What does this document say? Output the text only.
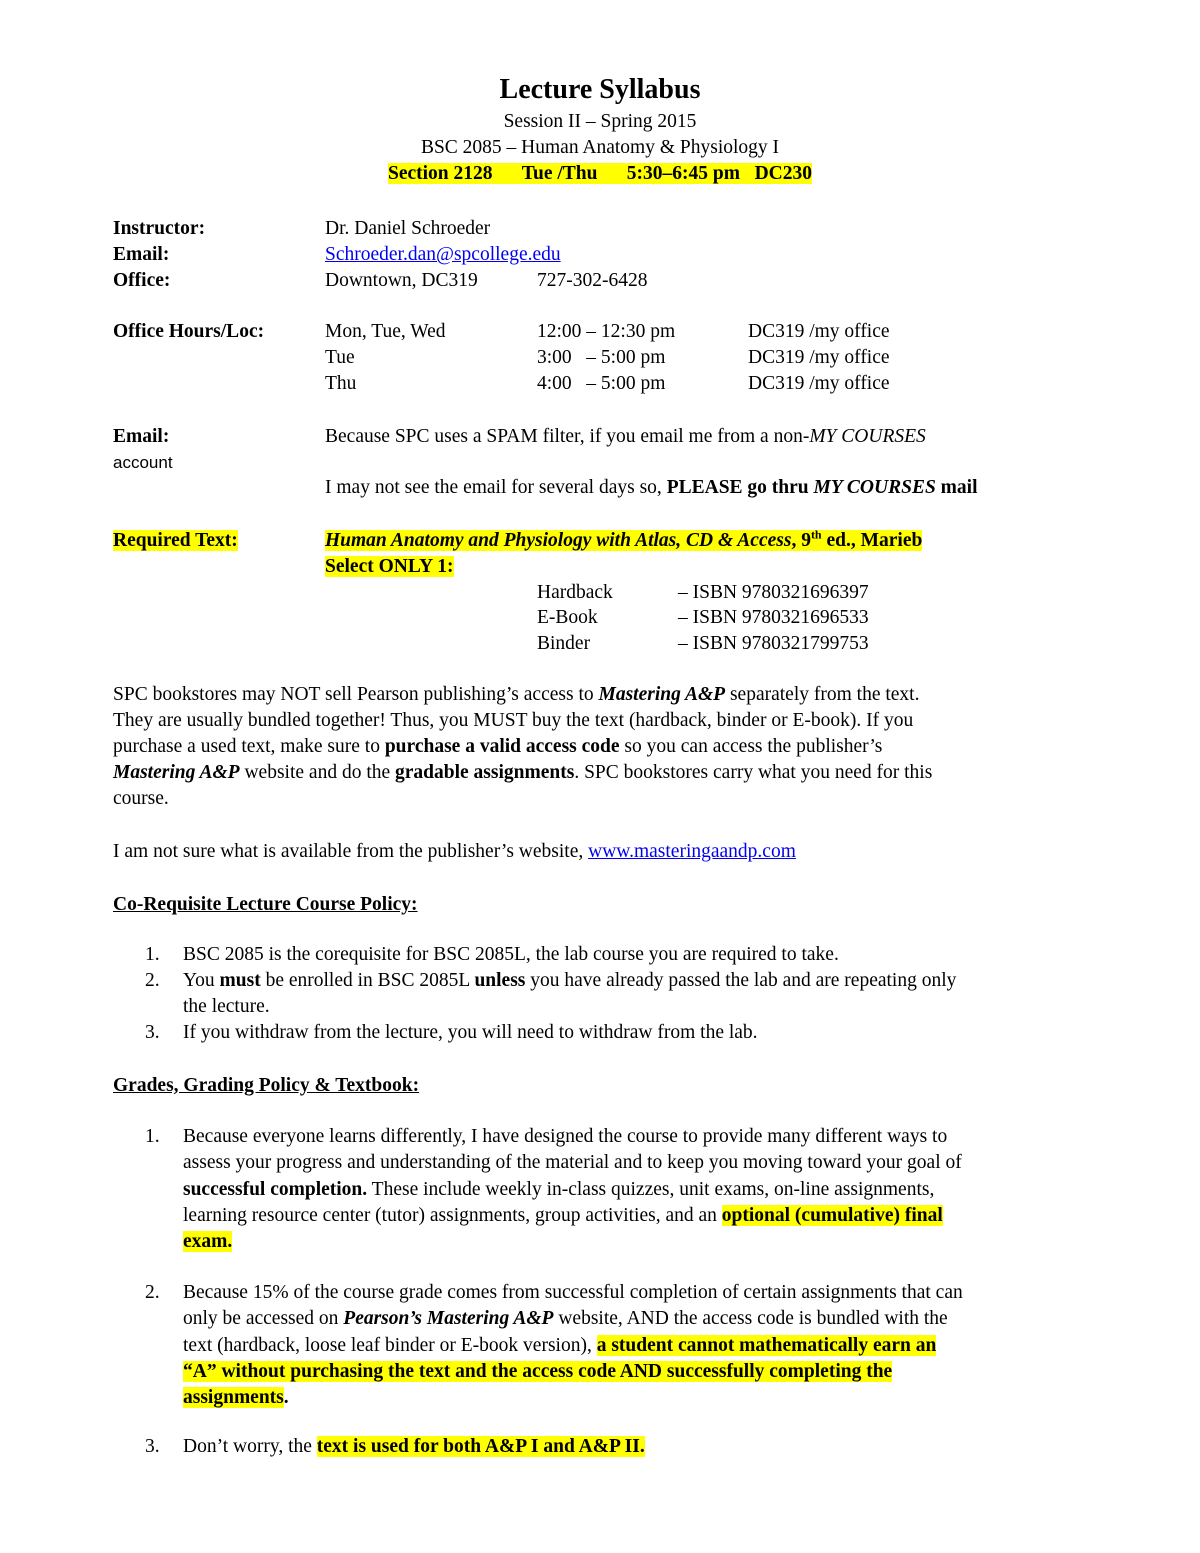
Lecture Syllabus
Session II – Spring 2015
BSC 2085 – Human Anatomy & Physiology I
Section 2128 Tue /Thu 5:30–6:45 pm DC230
Instructor:	Dr. Daniel Schroeder
Email:	Schroeder.dan@spcollege.edu
Office:	Downtown, DC319	727-302-6428
Office Hours/Loc:	Mon, Tue, Wed	12:00 – 12:30 pm	DC319 /my office
Tue	3:00   – 5:00 pm	DC319 /my office
Thu	4:00   – 5:00 pm	DC319 /my office
Email:
account
Because SPC uses a SPAM filter, if you email me from a non-MY COURSES
I may not see the email for several days so, PLEASE go thru MY COURSES mail
Required Text:	Human Anatomy and Physiology with Atlas, CD & Access, 9th ed., Marieb
Select ONLY 1:
Hardback	– ISBN 9780321696397
E-Book	– ISBN 9780321696533
Binder	– ISBN 9780321799753
SPC bookstores may NOT sell Pearson publishing’s access to Mastering A&P separately from the text.
They are usually bundled together! Thus, you MUST buy the text (hardback, binder or E-book). If you
purchase a used text, make sure to purchase a valid access code so you can access the publisher’s
Mastering A&P website and do the gradable assignments. SPC bookstores carry what you need for this
course.
I am not sure what is available from the publisher’s website, www.masteringaandp.com
Co-Requisite Lecture Course Policy:
1. BSC 2085 is the corequisite for BSC 2085L, the lab course you are required to take.
2. You must be enrolled in BSC 2085L unless you have already passed the lab and are repeating only
the lecture.
3. If you withdraw from the lecture, you will need to withdraw from the lab.
Grades, Grading Policy & Textbook:
1. Because everyone learns differently, I have designed the course to provide many different ways to
assess your progress and understanding of the material and to keep you moving toward your goal of
successful completion. These include weekly in-class quizzes, unit exams, on-line assignments,
learning resource center (tutor) assignments, group activities, and an optional (cumulative) final
exam.
2. Because 15% of the course grade comes from successful completion of certain assignments that can
only be accessed on Pearson’s Mastering A&P website, AND the access code is bundled with the
text (hardback, loose leaf binder or E-book version), a student cannot mathematically earn an
“A” without purchasing the text and the access code AND successfully completing the
assignments.
3. Don’t worry, the text is used for both A&P I and A&P II.
